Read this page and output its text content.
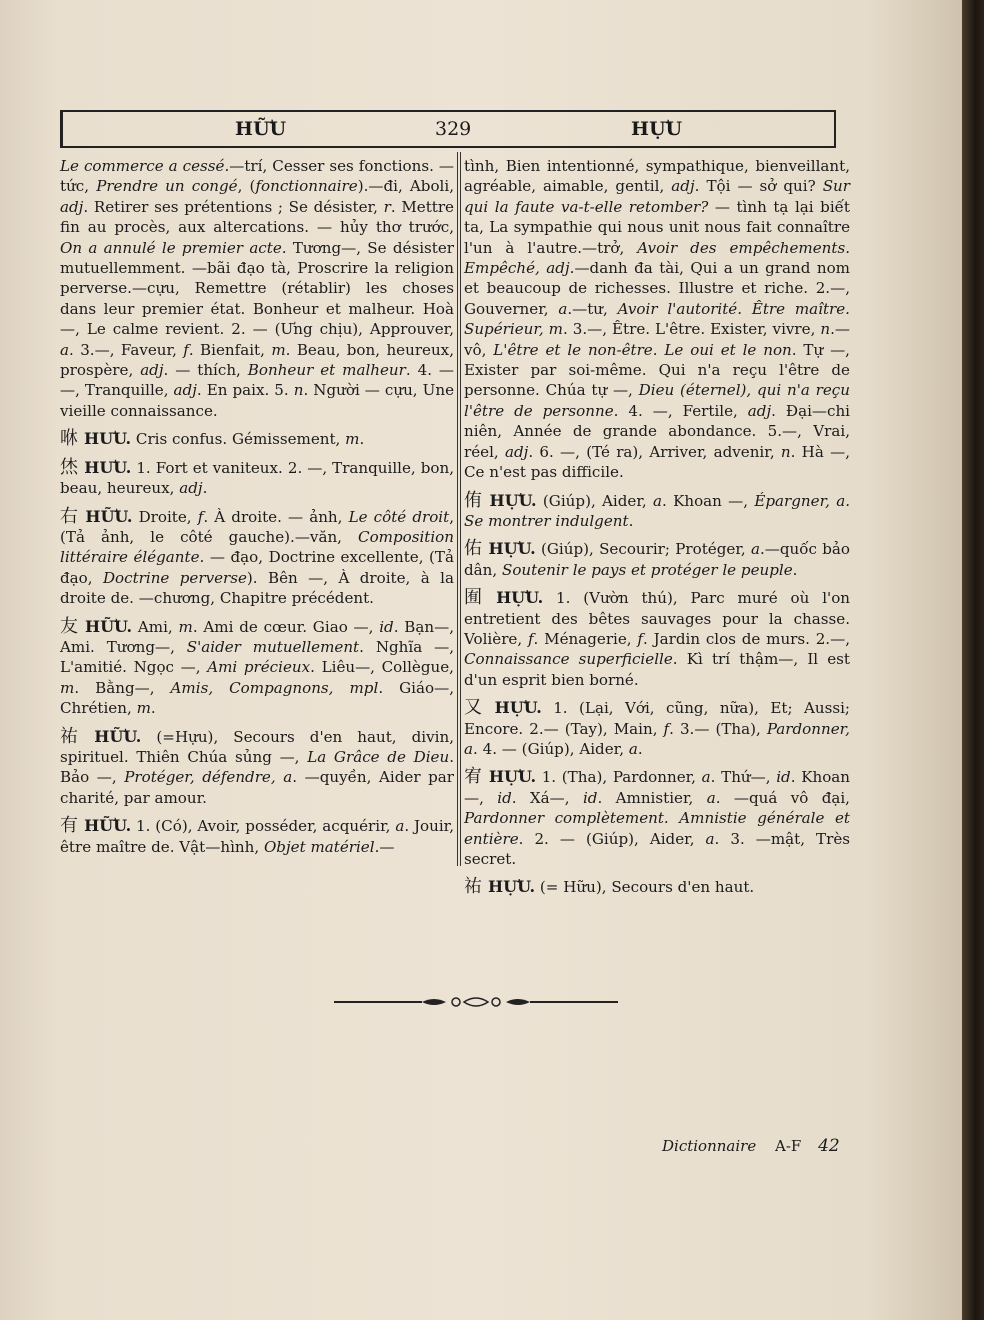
HỮU	329	HỰU

Le commerce a cessé.—trí, Cesser ses fonctions. — tức, Prendre un congé, (fonctionnaire).—đi, Aboli, adj. Retirer ses prétentions ; Se désister, r. Mettre fin au procès, aux altercations. — hủy thơ trước, On a annulé le premier acte. Tương—, Se désister mutuellemment. —bãi đạo tà, Proscrire la religion perverse.—cựu, Remettre (rétablir) les choses dans leur premier état. Bonheur et malheur. Hoà —, Le calme revient. 2. — (Ưng chịu), Approuver, a. 3.—, Faveur, f. Bienfait, m. Beau, bon, heureux, prospère, adj. — thích, Bonheur et malheur. 4. — —, Tranquille, adj. En paix. 5. n. Người — cựu, Une vieille connaissance.

咻 HƯU. Cris confus. Gémissement, m.

烋 HƯU. 1. Fort et vaniteux. 2. —, Tranquille, bon, beau, heureux, adj.

右 HỮU. Droite, f. À droite. — ảnh, Le côté droit, (Tả ảnh, le côté gauche).—văn, Composition littéraire élégante. — đạo, Doctrine excellente, (Tả đạo, Doctrine perverse). Bên —, À droite, à la droite de. —chương, Chapitre précédent.

友 HỮU. Ami, m. Ami de cœur. Giao —, id. Bạn—, Ami. Tương—, S'aider mutuellement. Nghĩa —, L'amitié. Ngọc —, Ami précieux. Liêu—, Collègue, m. Bằng—, Amis, Compagnons, mpl. Giáo—, Chrétien, m.

祐 HỮU. (=Hựu), Secours d'en haut, divin, spirituel. Thiên Chúa sủng —, La Grâce de Dieu. Bảo —, Protéger, défendre, a. —quyền, Aider par charité, par amour.

有 HỮU. 1. (Có), Avoir, posséder, acquérir, a. Jouir, être maître de. Vật—hình, Objet matériel.—

tình, Bien intentionné, sympathique, bienveillant, agréable, aimable, gentil, adj. Tội — sở qui? Sur qui la faute va-t-elle retomber? — tình tạ lại biết ta, La sympathie qui nous unit nous fait connaître l'un à l'autre.—trở, Avoir des empêchements. Empêché, adj.—danh đa tài, Qui a un grand nom et beaucoup de richesses. Illustre et riche. 2.—, Gouverner, a.—tư, Avoir l'autorité. Être maître. Supérieur, m. 3.—, Être. L'être. Exister, vivre, n.—vô, L'être et le non-être. Le oui et le non. Tự —, Exister par soi-même. Qui n'a reçu l'être de personne. Chúa tự —, Dieu (éternel), qui n'a reçu l'être de personne. 4. —, Fertile, adj. Đại—chi niên, Année de grande abondance. 5.—, Vrai, réel, adj. 6. —, (Té ra), Arriver, advenir, n. Hà —, Ce n'est pas difficile.

侑 HỰU. (Giúp), Aider, a. Khoan —, Épargner, a. Se montrer indulgent.

佑 HỰU. (Giúp), Secourir; Protéger, a.—quốc bảo dân, Soutenir le pays et protéger le peuple.

囿 HỰU. 1. (Vườn thú), Parc muré où l'on entretient des bêtes sauvages pour la chasse. Volière, f. Ménagerie, f. Jardin clos de murs. 2.—, Connaissance superficielle. Kì trí thậm—, Il est d'un esprit bien borné.

又 HỰU. 1. (Lại, Với, cũng, nữa), Et; Aussi; Encore. 2.— (Tay), Main, f. 3.— (Tha), Pardonner, a. 4. — (Giúp), Aider, a.

宥 HỰU. 1. (Tha), Pardonner, a. Thứ—, id. Khoan—, id. Xá—, id. Amnistier, a. —quá vô đại, Pardonner complètement. Amnistie générale et entière. 2. — (Giúp), Aider, a. 3. —mật, Très secret.

祐 HỰU. (= Hữu), Secours d'en haut.

Dictionnaire A-F 42
